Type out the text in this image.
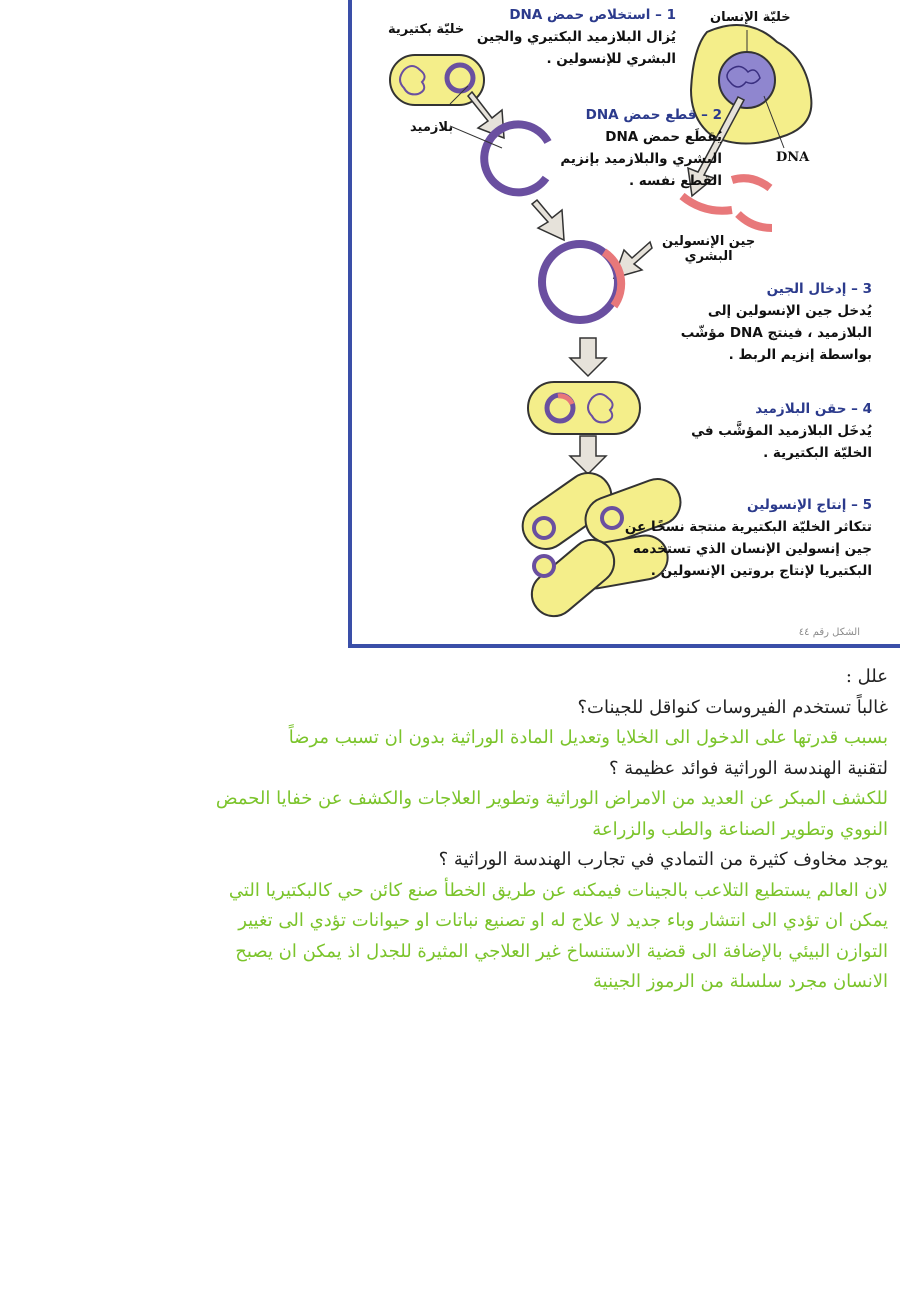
خليّة بكتيرية
خليّة الإنسان
بلازميد
DNA
جين الإنسولين
البشري
1 – استخلاص حمض DNA
يُزال البلازميد البكتيري والجين
البشري للإنسولين .
2 – قطع حمض DNA
يُقطَع حمض DNA
البشري والبلازميد بإنزيم
القطع نفسه .
3 – إدخال الجين
يُدخل جين الإنسولين إلى
البلازميد ، فينتج DNA مؤشّب
بواسطة إنزيم الربط .
4 – حقن البلازميد
يُدخَل البلازميد المؤشَّب في
الخليّة البكتيرية .
5 – إنتاج الإنسولين
تتكاثر الخليّة البكتيرية منتجة نسخًا عن
جين إنسولين الإنسان الذي تستخدمه
البكتيريا لإنتاج بروتين الإنسولين .
الشكل رقم ٤٤
علل :
غالباً تستخدم الفيروسات كنواقل للجينات؟
بسبب قدرتها على الدخول الى الخلايا وتعديل المادة الوراثية بدون ان تسبب مرضاً
لتقنية الهندسة الوراثية فوائد عظيمة ؟
للكشف المبكر عن العديد من الامراض الوراثية وتطوير العلاجات والكشف عن خفايا الحمض
النووي وتطوير الصناعة والطب والزراعة
يوجد مخاوف كثيرة من التمادي في تجارب الهندسة الوراثية ؟
لان العالم يستطيع التلاعب بالجينات فيمكنه عن طريق الخطأ صنع كائن حي كالبكتيريا التي
يمكن ان تؤدي الى انتشار وباء جديد لا علاج له او تصنيع نباتات او حيوانات تؤدي الى تغيير
التوازن البيئي بالإضافة الى قضية الاستنساخ غير العلاجي المثيرة للجدل اذ يمكن ان يصبح
الانسان مجرد سلسلة من الرموز الجينية
